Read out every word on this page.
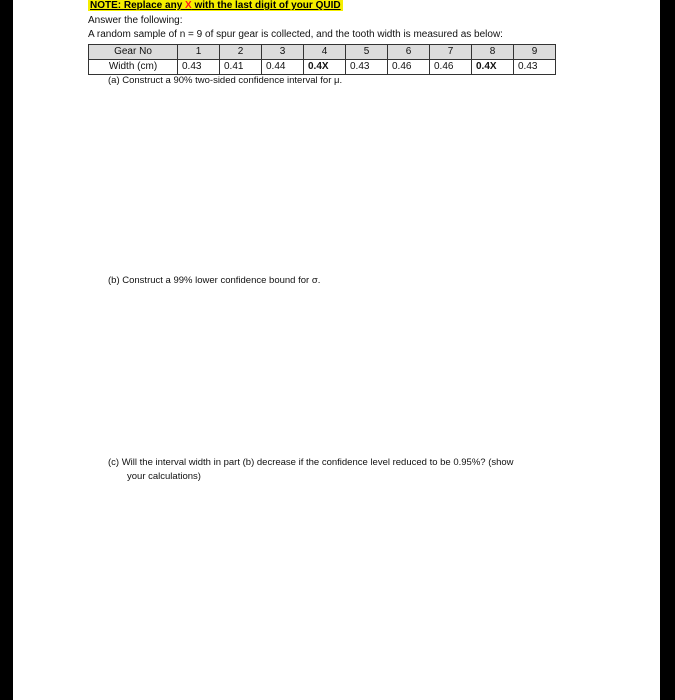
NOTE: Replace any X with the last digit of your QUID
Answer the following:
A random sample of n = 9 of spur gear is collected, and the tooth width is measured as below:
Gear No	1	2	3	4	5	6	7	8	9
Width (cm)	0.43	0.41	0.44	0.4X	0.43	0.46	0.46	0.4X	0.43
(a) Construct a 90% two-sided confidence interval for μ.
(b) Construct a 99% lower confidence bound for σ.
(c) Will the interval width in part (b) decrease if the confidence level reduced to be 0.95%? (show
your calculations)
